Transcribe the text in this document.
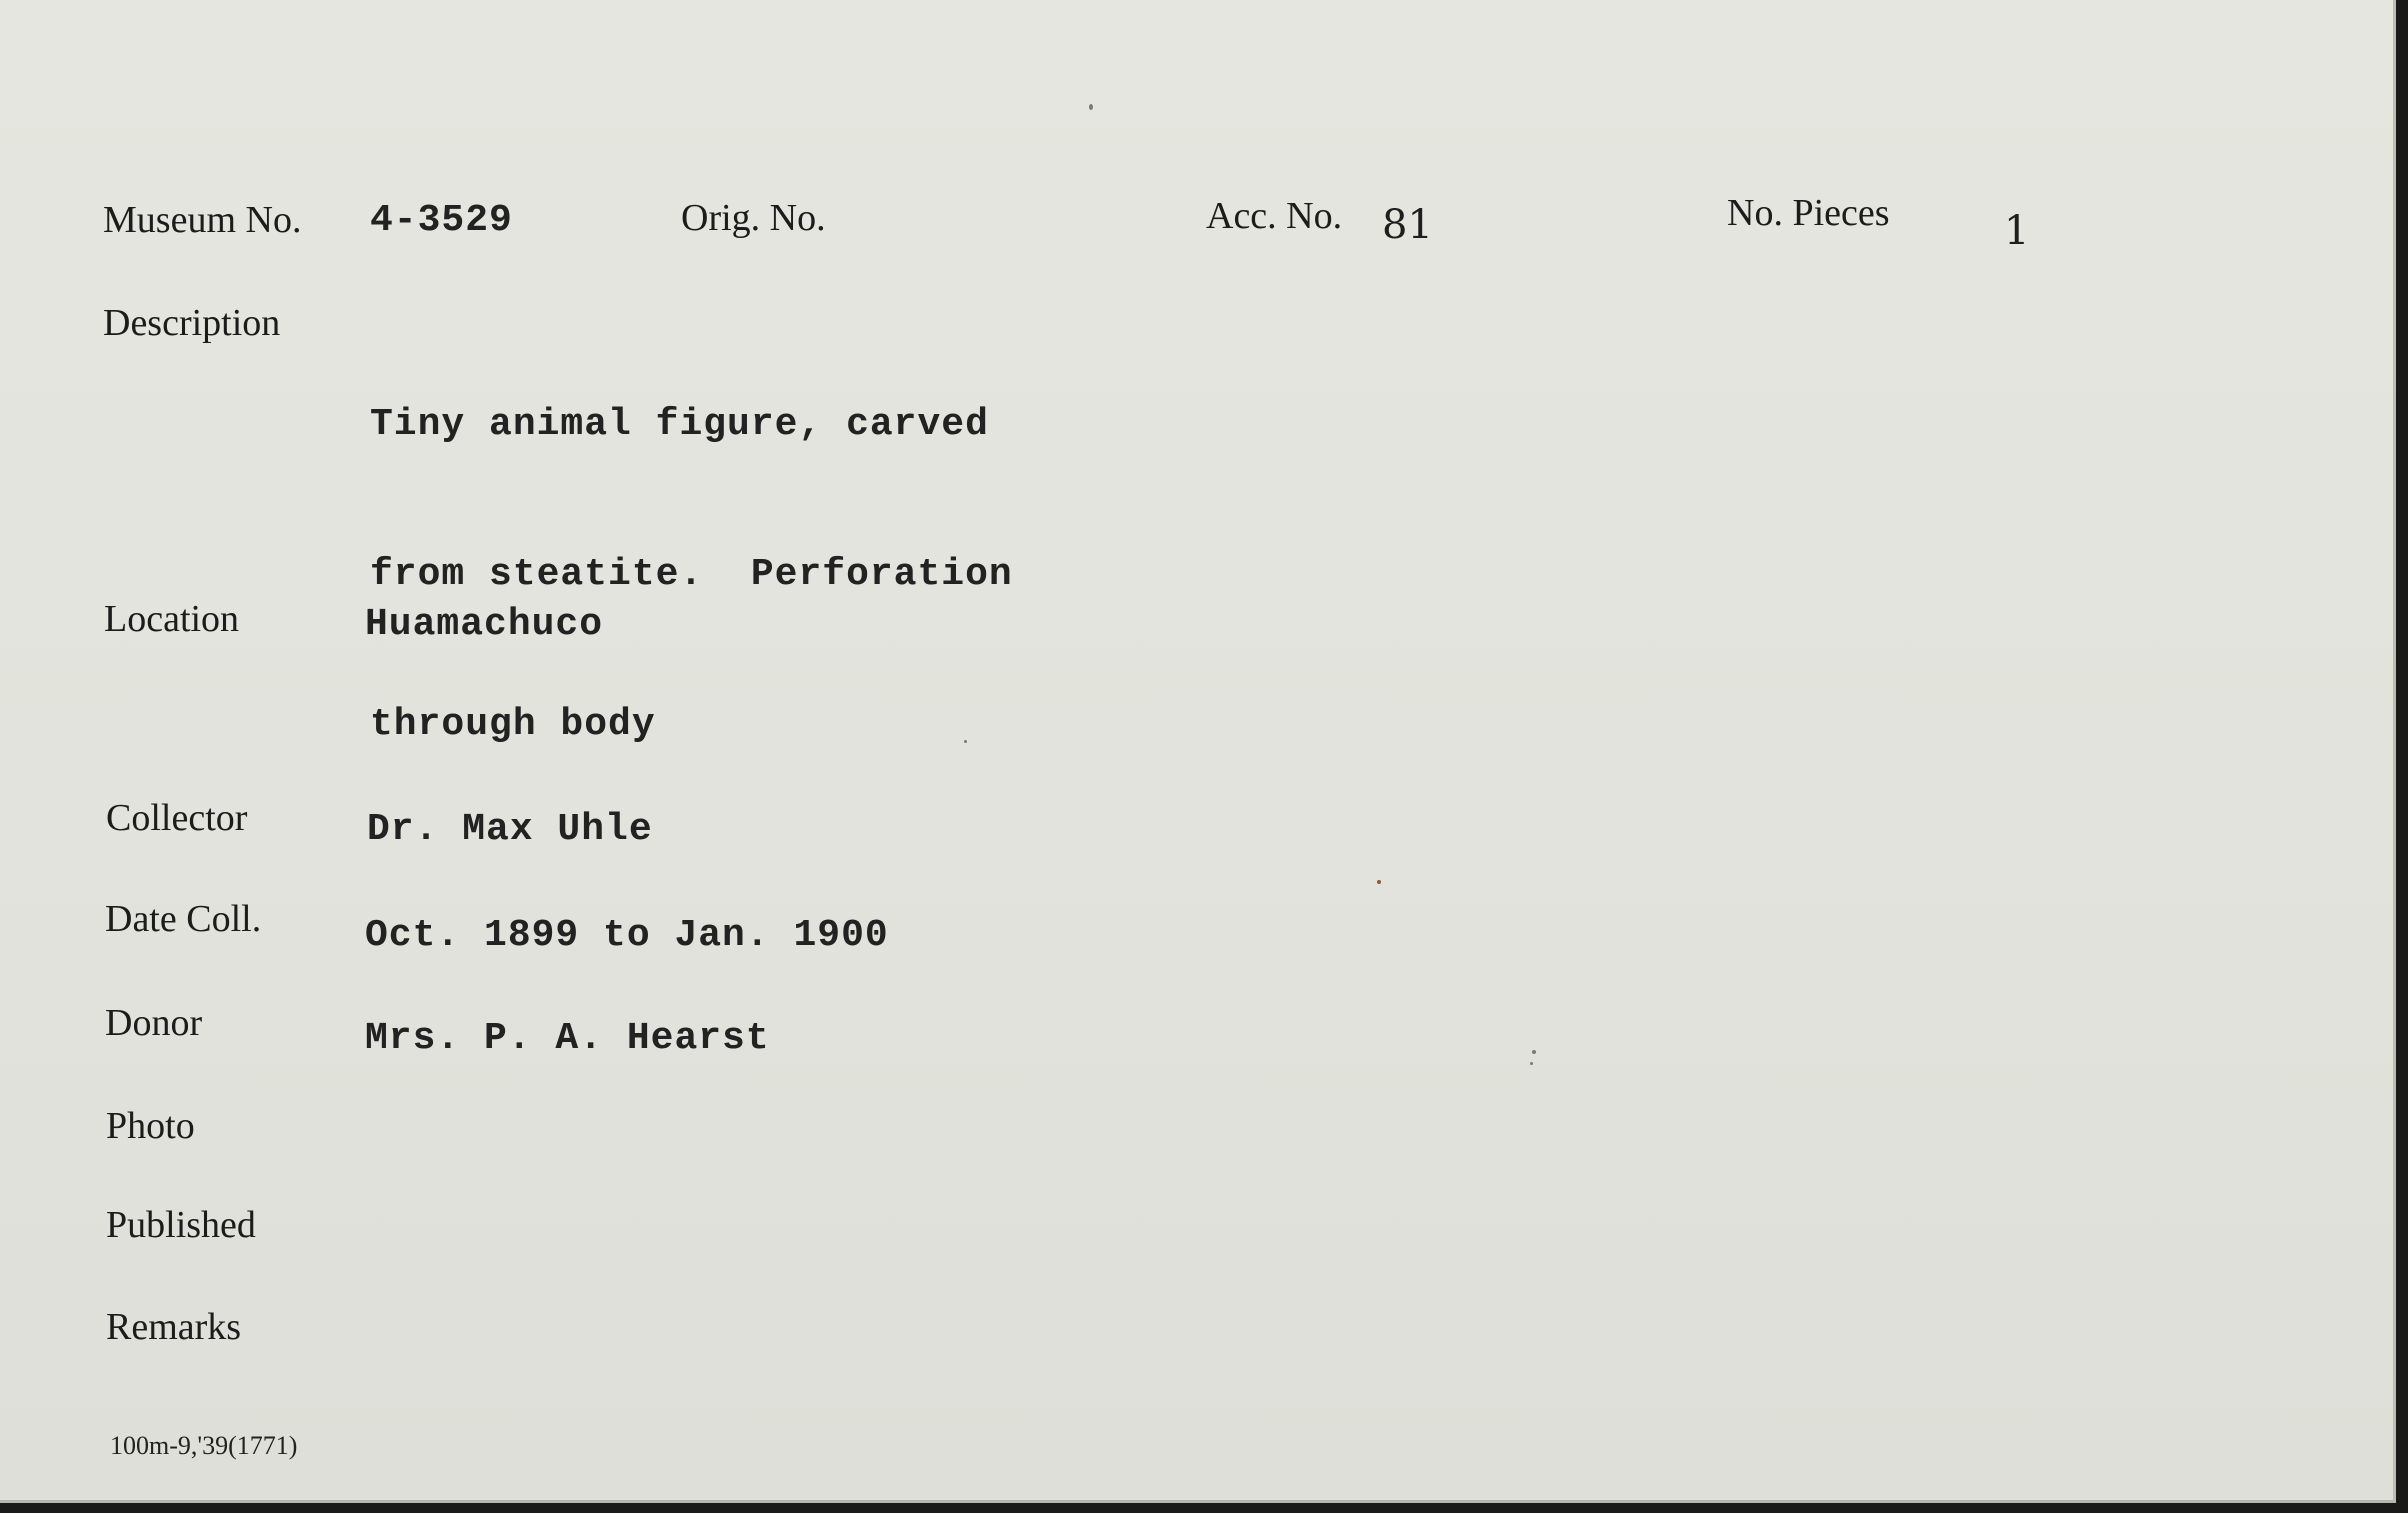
Museum No. 4-3529	Orig. No.	Acc. No. 81	No. Pieces	1
Description

Tiny animal figure, carved

from steatite.  Perforation

through body

Location	Huamachuco
Collector	Dr. Max Uhle
Date Coll.	Oct. 1899 to Jan. 1900
Donor	Mrs. P. A. Hearst
Photo
Published
Remarks
100m-9,'39(1771)
